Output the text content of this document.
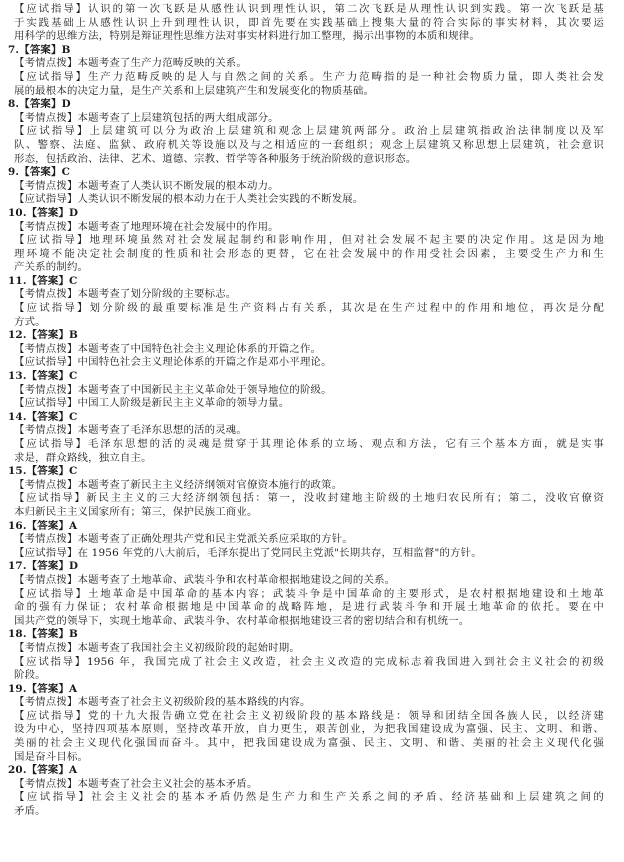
【应试指导】认识的第一次飞跃是从感性认识到理性认识，第二次飞跃是从理性认识到实践。第一次飞跃是基
于实践基础上从感性认识上升到理性认识，即首先要在实践基础上搜集大量的符合实际的事实材料，其次要运
用科学的思维方法，特别是辩证理性思维方法对事实材料进行加工整理，揭示出事物的本质和规律。
7.【答案】B
【考情点拨】本题考查了生产力范畴反映的关系。
【应试指导】生产力范畴反映的是人与自然之间的关系。生产力范畴指的是一种社会物质力量，即人类社会发
展的最根本的决定力量，是生产关系和上层建筑产生和发展变化的物质基础。
8.【答案】D
【考情点拨】本题考查了上层建筑包括的两大组成部分。
【应试指导】上层建筑可以分为政治上层建筑和观念上层建筑两部分。政治上层建筑指政治法律制度以及军
队、警察、法庭、监狱、政府机关等设施以及与之相适应的一套组织；观念上层建筑又称思想上层建筑，社会意识
形态，包括政治、法律、艺术、道德、宗教、哲学等各种服务于统治阶级的意识形态。
9.【答案】C
【考情点拨】本题考查了人类认识不断发展的根本动力。
【应试指导】人类认识不断发展的根本动力在于人类社会实践的不断发展。
10.【答案】D
【考情点拨】本题考查了地理环境在社会发展中的作用。
【应试指导】地理环境虽然对社会发展起制约和影响作用，但对社会发展不起主要的决定作用。这是因为地
理环境不能决定社会制度的性质和社会形态的更替，它在社会发展中的作用受社会因素，主要受生产力和生
产关系的制约。
11.【答案】C
【考情点拨】本题考查了划分阶级的主要标志。
【应试指导】划分阶级的最重要标准是生产资料占有关系，其次是在生产过程中的作用和地位，再次是分配
方式。
12.【答案】B
【考情点拨】本题考查了中国特色社会主义理论体系的开篇之作。
【应试指导】中国特色社会主义理论体系的开篇之作是邓小平理论。
13.【答案】C
【考情点拨】本题考查了中国新民主主义革命处于领导地位的阶级。
【应试指导】中国工人阶级是新民主主义革命的领导力量。
14.【答案】C
【考情点拨】本题考查了毛泽东思想的活的灵魂。
【应试指导】毛泽东思想的活的灵魂是贯穿于其理论体系的立场、观点和方法，它有三个基本方面，就是实事
求是，群众路线，独立自主。
15.【答案】C
【考情点拨】本题考查了新民主主义经济纲领对官僚资本施行的政策。
【应试指导】新民主主义的三大经济纲领包括：第一，没收封建地主阶级的土地归农民所有；第二，没收官僚资
本归新民主主义国家所有；第三，保护民族工商业。
16.【答案】A
【考情点拨】本题考查了正确处理共产党和民主党派关系应采取的方针。
【应试指导】在 1956 年党的八大前后，毛泽东提出了党同民主党派"长期共存，互相监督"的方针。
17.【答案】D
【考情点拨】本题考查了土地革命、武装斗争和农村革命根据地建设之间的关系。
【应试指导】土地革命是中国革命的基本内容；武装斗争是中国革命的主要形式，是农村根据地建设和土地革
命的强有力保证；农村革命根据地是中国革命的战略阵地，是进行武装斗争和开展土地革命的依托。要在中
国共产党的领导下，实现土地革命、武装斗争、农村革命根据地建设三者的密切结合和有机统一。
18.【答案】B
【考情点拨】本题考查了我国社会主义初级阶段的起始时期。
【应试指导】1956 年，我国完成了社会主义改造，社会主义改造的完成标志着我国进入到社会主义社会的初级
阶段。
19.【答案】A
【考情点拨】本题考查了社会主义初级阶段的基本路线的内容。
【应试指导】党的十九大报告确立党在社会主义初级阶段的基本路线是：领导和团结全国各族人民，以经济建
设为中心，坚持四项基本原则，坚持改革开放，自力更生，艰苦创业，为把我国建设成为富强、民主、文明、和谐、
美丽的社会主义现代化强国而奋斗。其中，把我国建设成为富强、民主、文明、和谐、美丽的社会主义现代化强
国是奋斗目标。
20.【答案】A
【考情点拨】本题考查了社会主义社会的基本矛盾。
【应试指导】社会主义社会的基本矛盾仍然是生产力和生产关系之间的矛盾、经济基础和上层建筑之间的
矛盾。
